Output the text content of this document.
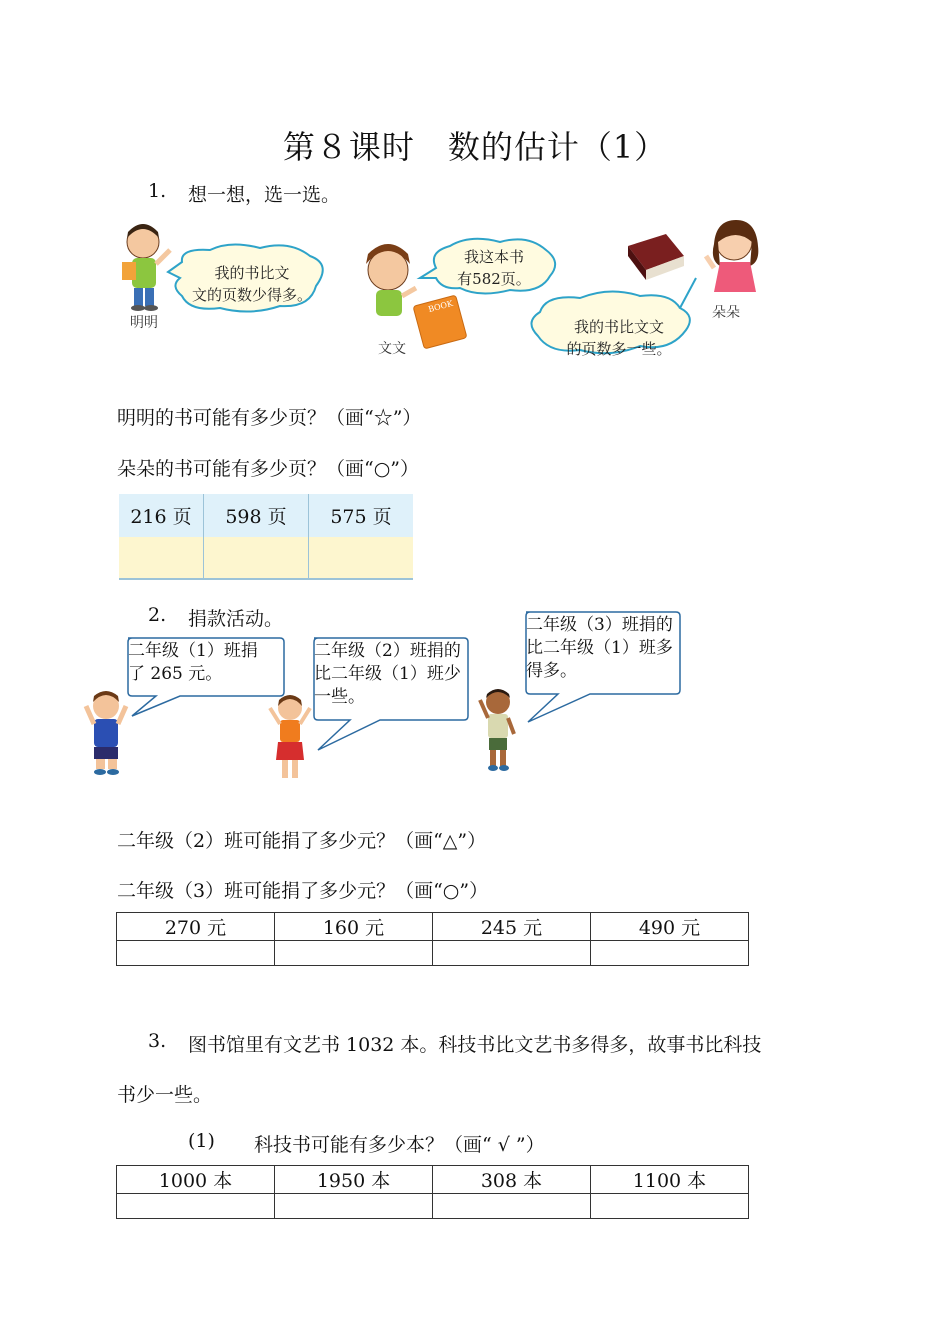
第８课时　数的估计（1）
1. 想一想，选一选。
我的书比文
文的页数少得多。
我这本书
有582页。
我的书比文文
的页数多一些。
BOOK
明明
文文
朵朵
明明的书可能有多少页？（画“☆”）
朵朵的书可能有多少页？（画“○”）
216 页	598 页	575 页
2. 捐款活动。
二年级（1）班捐
了 265 元。
二年级（2）班捐的
比二年级（1）班少
一些。
二年级（3）班捐的
比二年级（1）班多
得多。
二年级（2）班可能捐了多少元？（画“△”）
二年级（3）班可能捐了多少元？（画“○”）
270 元	160 元	245 元	490 元

3. 图书馆里有文艺书 1032 本。科技书比文艺书多得多，故事书比科技
书少一些。
(1) 科技书可能有多少本？（画“ √ ”）
1000 本	1950 本	308 本	1100 本
